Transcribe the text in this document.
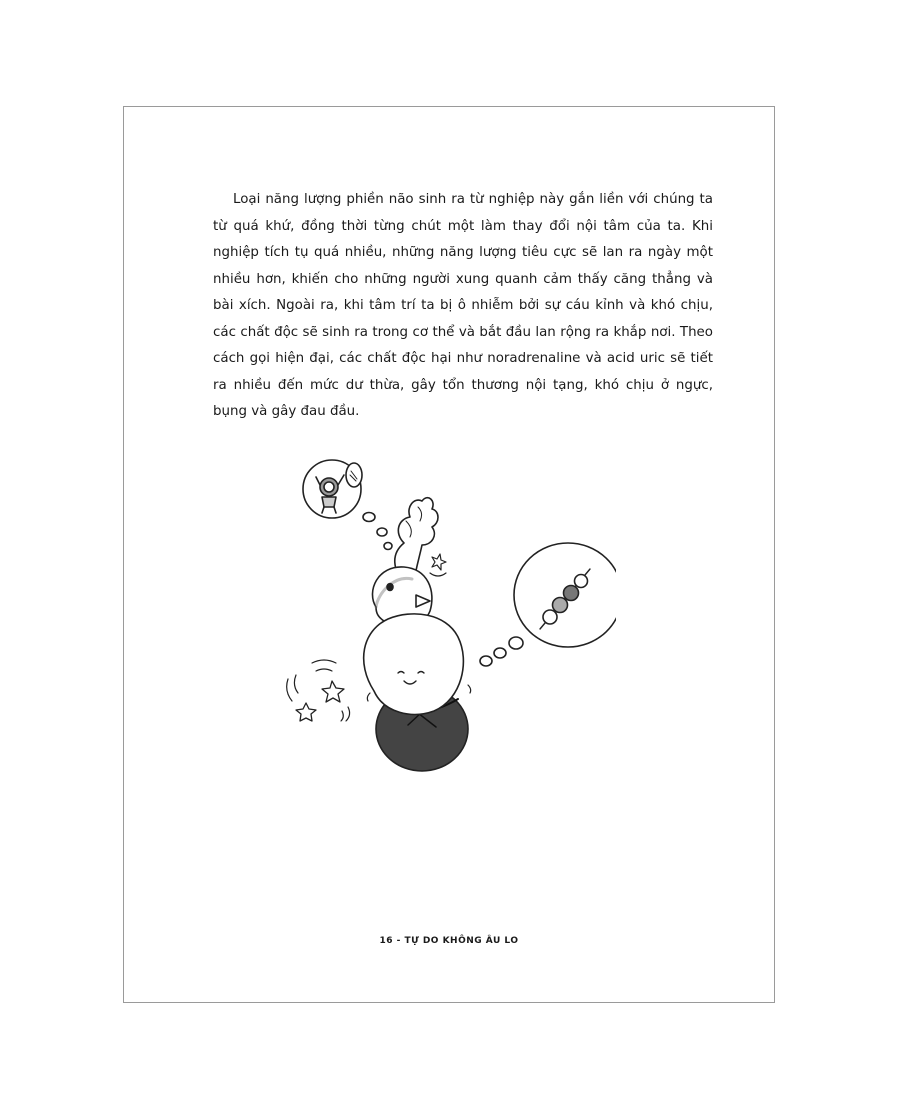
Loại năng lượng phiền não sinh ra từ nghiệp này gắn liền với chúng ta từ quá khứ, đồng thời từng chút một làm thay đổi nội tâm của ta. Khi nghiệp tích tụ quá nhiều, những năng lượng tiêu cực sẽ lan ra ngày một nhiều hơn, khiến cho những người xung quanh cảm thấy căng thẳng và bài xích. Ngoài ra, khi tâm trí ta bị ô nhiễm bởi sự cáu kỉnh và khó chịu, các chất độc sẽ sinh ra trong cơ thể và bắt đầu lan rộng ra khắp nơi. Theo cách gọi hiện đại, các chất độc hại như noradrenaline và acid uric sẽ tiết ra nhiều đến mức dư thừa, gây tổn thương nội tạng, khó chịu ở ngực, bụng và gây đau đầu.

16 - TỰ DO KHÔNG ÂU LO
